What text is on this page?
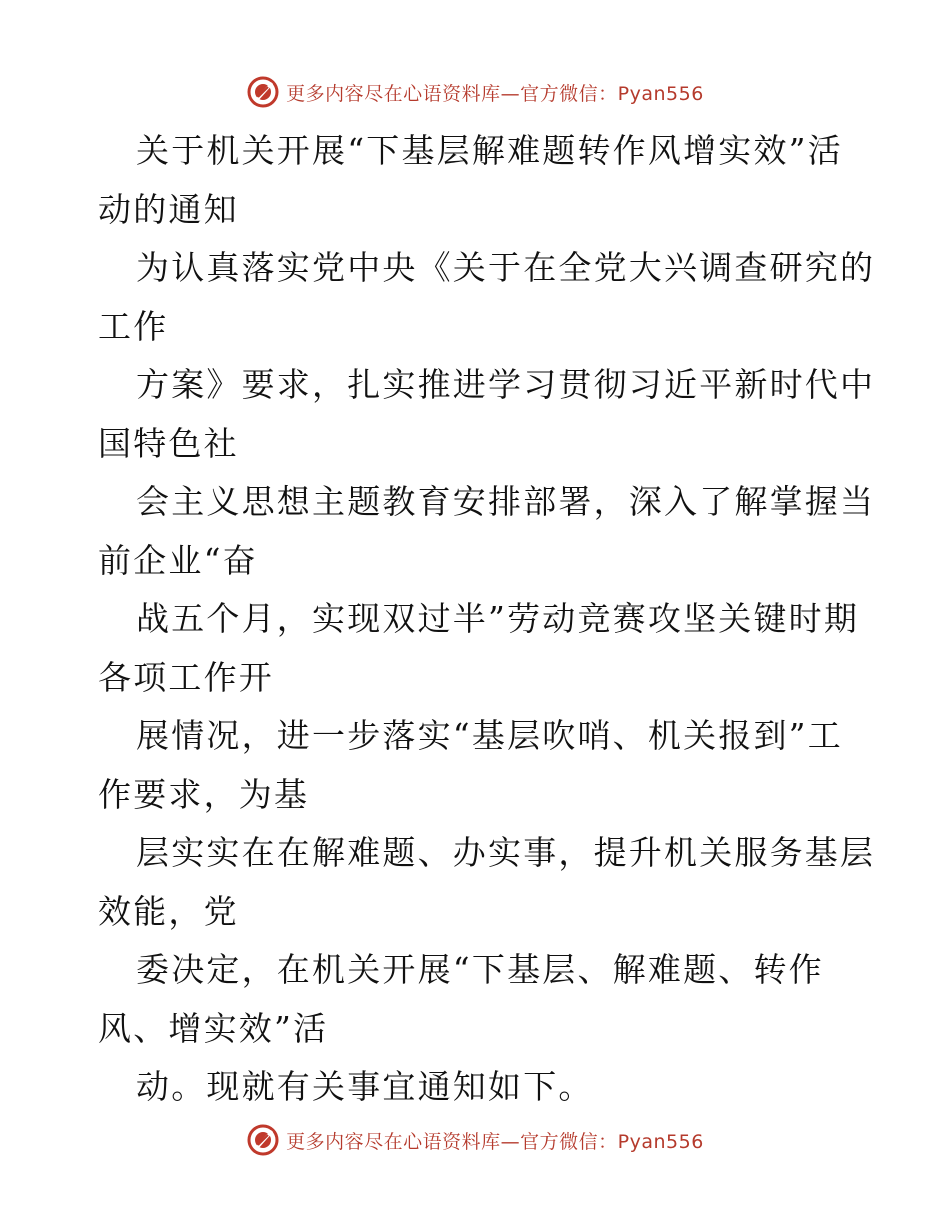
更多内容尽在心语资料库—官方微信：Pyan556
关于机关开展“下基层解难题转作风增实效”活
动的通知
为认真落实党中央《关于在全党大兴调查研究的
工作
方案》要求，扎实推进学习贯彻习近平新时代中
国特色社
会主义思想主题教育安排部署，深入了解掌握当
前企业“奋
战五个月，实现双过半”劳动竞赛攻坚关键时期
各项工作开
展情况，进一步落实“基层吹哨、机关报到”工
作要求，为基
层实实在在解难题、办实事，提升机关服务基层
效能，党
委决定，在机关开展“下基层、解难题、转作
风、增实效”活
动。现就有关事宜通知如下。
更多内容尽在心语资料库—官方微信：Pyan556
